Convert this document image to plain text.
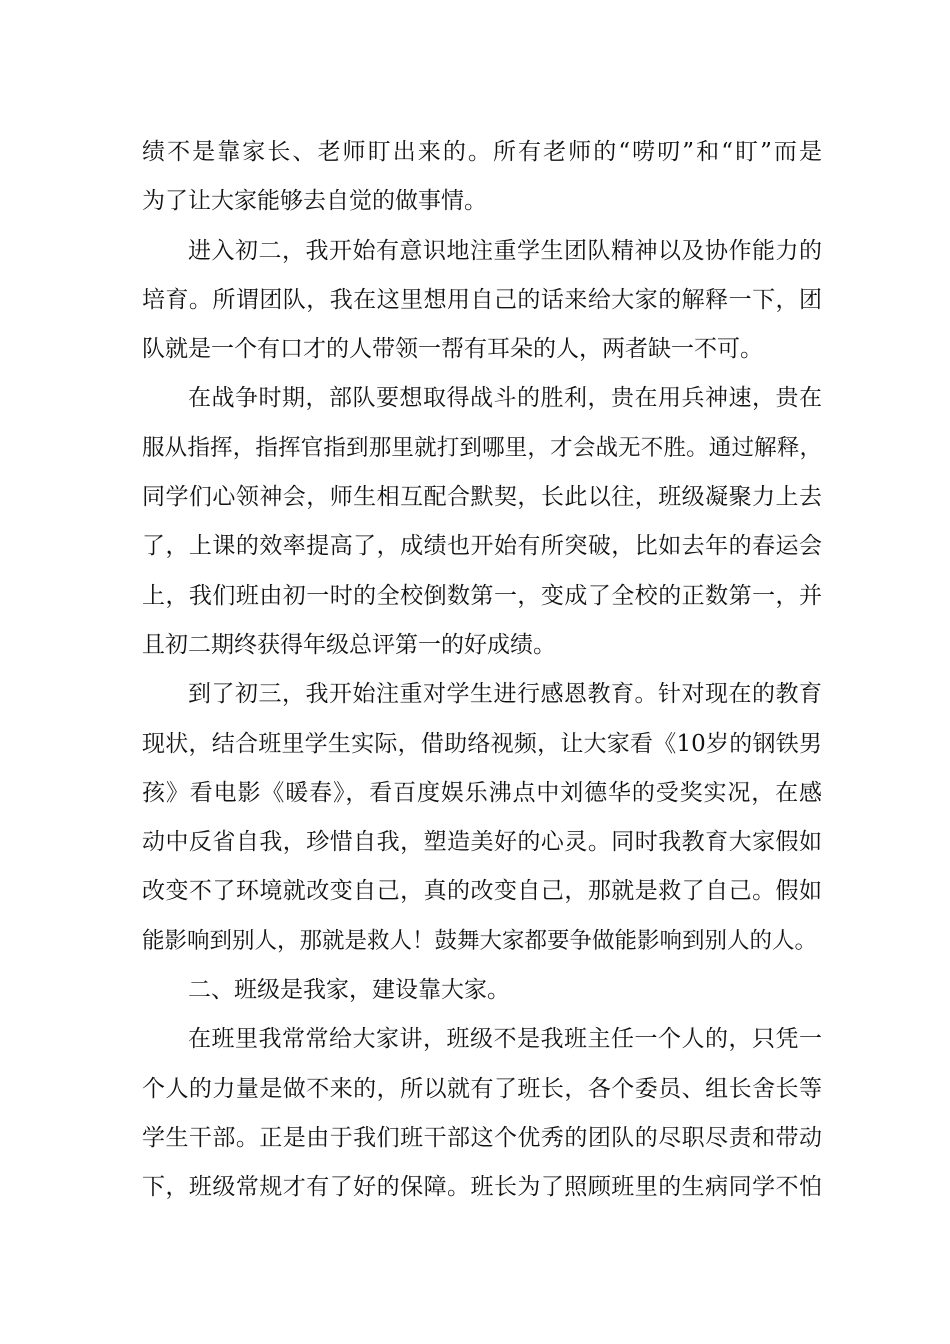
绩不是靠家长、老师盯出来的。所有老师的“唠叨”和“盯”而是
为了让大家能够去自觉的做事情。
进入初二，我开始有意识地注重学生团队精神以及协作能力的
培育。所谓团队，我在这里想用自己的话来给大家的解释一下，团
队就是一个有口才的人带领一帮有耳朵的人，两者缺一不可。
在战争时期，部队要想取得战斗的胜利，贵在用兵神速，贵在
服从指挥，指挥官指到那里就打到哪里，才会战无不胜。通过解释，
同学们心领神会，师生相互配合默契，长此以往，班级凝聚力上去
了，上课的效率提高了，成绩也开始有所突破，比如去年的春运会
上，我们班由初一时的全校倒数第一，变成了全校的正数第一，并
且初二期终获得年级总评第一的好成绩。
到了初三，我开始注重对学生进行感恩教育。针对现在的教育
现状，结合班里学生实际，借助络视频，让大家看《10岁的钢铁男
孩》看电影《暖春》，看百度娱乐沸点中刘德华的受奖实况，在感
动中反省自我，珍惜自我，塑造美好的心灵。同时我教育大家假如
改变不了环境就改变自己，真的改变自己，那就是救了自己。假如
能影响到别人，那就是救人！鼓舞大家都要争做能影响到别人的人。
二、班级是我家，建设靠大家。
在班里我常常给大家讲，班级不是我班主任一个人的，只凭一
个人的力量是做不来的，所以就有了班长，各个委员、组长舍长等
学生干部。正是由于我们班干部这个优秀的团队的尽职尽责和带动
下，班级常规才有了好的保障。班长为了照顾班里的生病同学不怕
